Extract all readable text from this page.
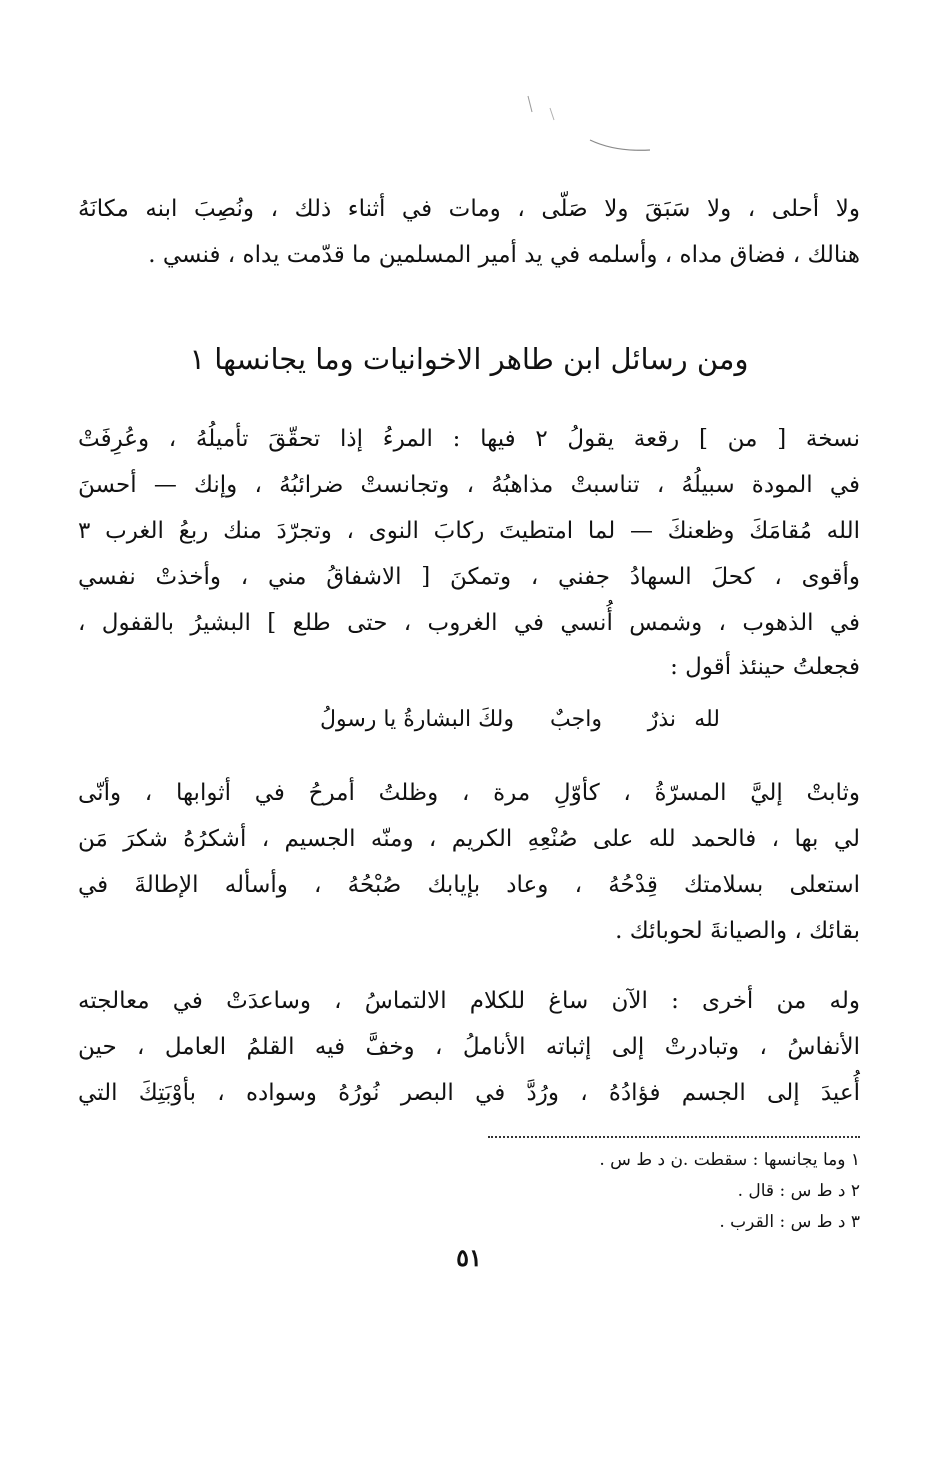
ولا أحلى ، ولا سَبَقَ ولا صَلّى ، ومات في أثناء ذلك ، ونُصِبَ ابنه مكانَهُ
هنالك ، فضاق مداه ، وأسلمه في يد أمير المسلمين ما قدّمت يداه ، فنسي .
ومن رسائل ابن طاهر الاخوانيات وما يجانسها ١
نسخة [ من ] رقعة يقولُ ٢ فيها : المرءُ إذا تحقّقَ تأميلُهُ ، وعُرِفَتْ
في المودة سبيلُهُ ، تناسبتْ مذاهبُهُ ، وتجانستْ ضرائبُهُ ، وإنك — أحسنَ
الله مُقامَكَ وظعنكَ — لما امتطيتَ ركابَ النوى ، وتجرّدَ منك ربعُ الغرب ٣
وأقوى ، كحلَ السهادُ جفني ، وتمكنَ [ الاشفاقُ مني ، وأخذتْ نفسي
في الذهوب ، وشمس أُنسي في الغروب ، حتى طلع ] البشيرُ بالقفول ،
فجعلتُ حينئذ أقول :
لله
نذرٌ
واجبٌ
ولكَ البشارةُ يا رسولُ
وثابتْ إليَّ المسرّةُ ، كأوّلِ مرة ، وظلتُ أمرحُ في أثوابها ، وأنّى
لي بها ، فالحمد لله على صُنْعِهِ الكريم ، ومنّه الجسيم ، أشكرُهُ شكرَ مَن
استعلى بسلامتك قِدْحُهُ ، وعاد بإيابك صُبْحُهُ ، وأسأله الإطالةَ في
بقائك ، والصيانةَ لحوبائك .
وله من أخرى : الآن ساغ للكلام الالتماسُ ، وساعدَتْ في معالجته
الأنفاسُ ، وتبادرتْ إلى إثباته الأناملُ ، وخفَّ فيه القلمُ العامل ، حين
أُعيدَ إلى الجسم فؤادُهُ ، ورُدَّ في البصر نُورُهُ وسواده ، بأوْبَتِكَ التي
١ وما يجانسها : سقطت .ن د ط س .
٢ د ط س : قال .
٣ د ط س : القرب .
٥١
